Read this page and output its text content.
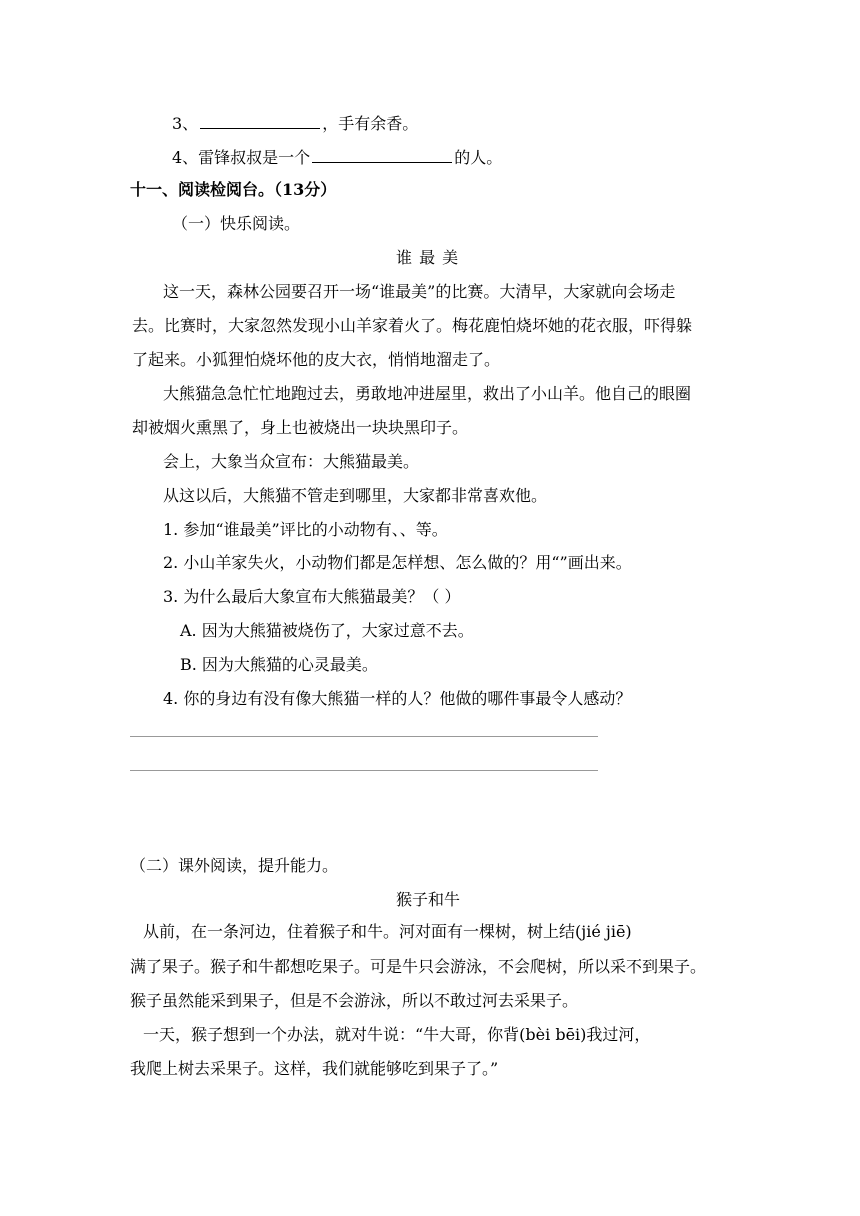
3、	，手有余香。
4、雷锋叔叔是一个	的人。
十一、阅读检阅台。（13分）
（一）快乐阅读。
谁 最 美
这一天，森林公园要召开一场“谁最美”的比赛。大清早，大家就向会场走
去。比赛时，大家忽然发现小山羊家着火了。梅花鹿怕烧坏她的花衣服，吓得躲
了起来。小狐狸怕烧坏他的皮大衣，悄悄地溜走了。
大熊猫急急忙忙地跑过去，勇敢地冲进屋里，救出了小山羊。他自己的眼圈
却被烟火熏黑了，身上也被烧出一块块黑印子。
会上，大象当众宣布：大熊猫最美。
从这以后，大熊猫不管走到哪里，大家都非常喜欢他。
1. 参加“谁最美”评比的小动物有、、等。
2. 小山羊家失火，小动物们都是怎样想、怎么做的？用“”画出来。
3. 为什么最后大象宣布大熊猫最美？（ ）
A. 因为大熊猫被烧伤了，大家过意不去。
B. 因为大熊猫的心灵最美。
4. 你的身边有没有像大熊猫一样的人？他做的哪件事最令人感动？
（二）课外阅读，提升能力。
猴子和牛
从前，在一条河边，住着猴子和牛。河对面有一棵树，树上结(jié jiē)
满了果子。猴子和牛都想吃果子。可是牛只会游泳，不会爬树，所以采不到果子。
猴子虽然能采到果子，但是不会游泳，所以不敢过河去采果子。
一天，猴子想到一个办法，就对牛说：“牛大哥，你背(bèi bēi)我过河，
我爬上树去采果子。这样，我们就能够吃到果子了。”
